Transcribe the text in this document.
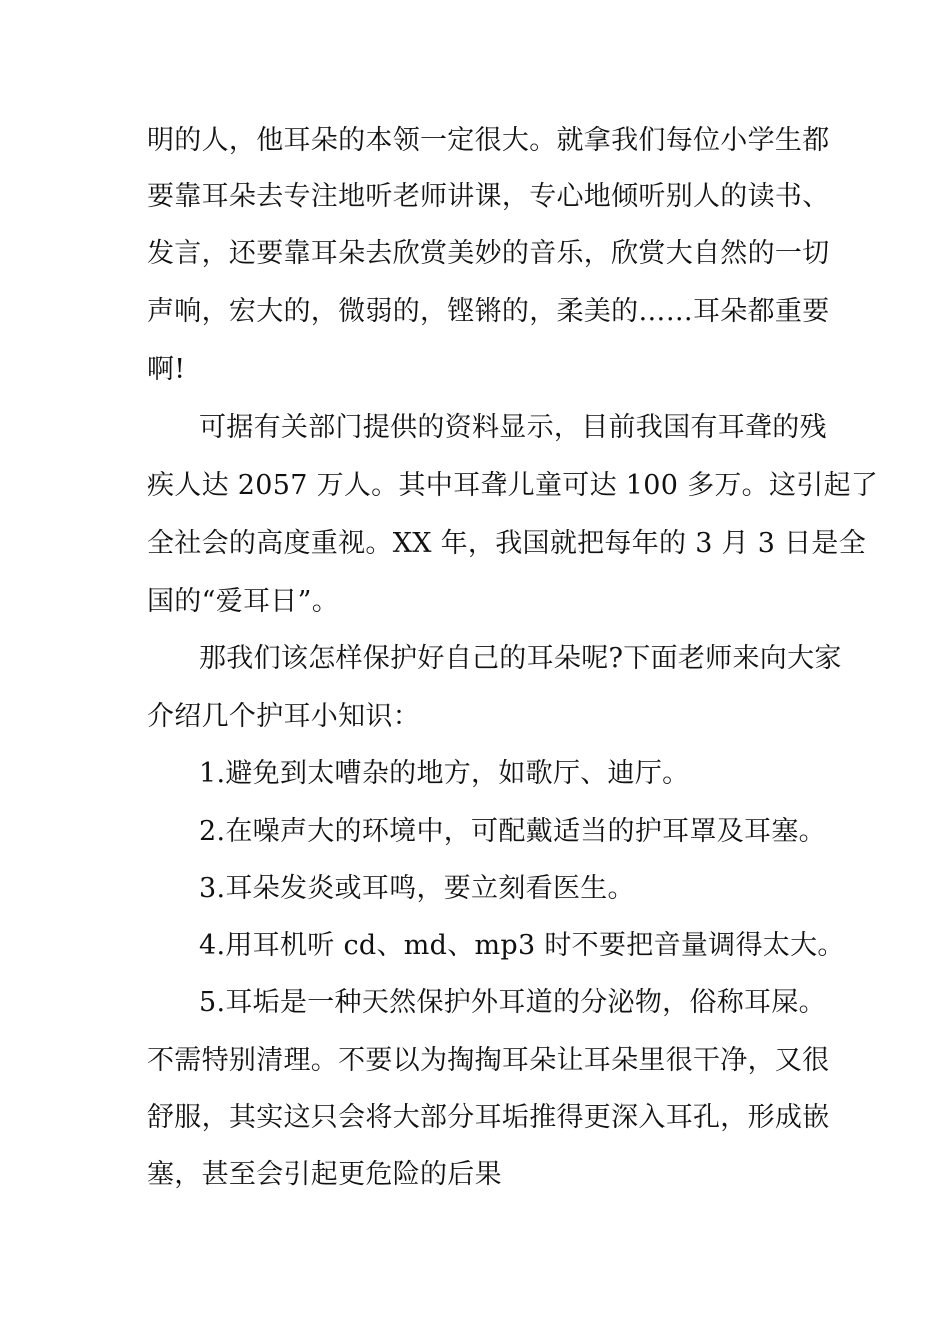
明的人，他耳朵的本领一定很大。就拿我们每位小学生都
要靠耳朵去专注地听老师讲课，专心地倾听别人的读书、
发言，还要靠耳朵去欣赏美妙的音乐，欣赏大自然的一切
声响，宏大的，微弱的，铿锵的，柔美的……耳朵都重要
啊!
可据有关部门提供的资料显示，目前我国有耳聋的残
疾人达 2057 万人。其中耳聋儿童可达 100 多万。这引起了
全社会的高度重视。XX 年，我国就把每年的 3 月 3 日是全
国的“爱耳日”。
那我们该怎样保护好自己的耳朵呢?下面老师来向大家
介绍几个护耳小知识：
1.避免到太嘈杂的地方，如歌厅、迪厅。
2.在噪声大的环境中，可配戴适当的护耳罩及耳塞。
3.耳朵发炎或耳鸣，要立刻看医生。
4.用耳机听 cd、md、mp3 时不要把音量调得太大。
5.耳垢是一种天然保护外耳道的分泌物，俗称耳屎。
不需特别清理。不要以为掏掏耳朵让耳朵里很干净，又很
舒服，其实这只会将大部分耳垢推得更深入耳孔，形成嵌
塞，甚至会引起更危险的后果
